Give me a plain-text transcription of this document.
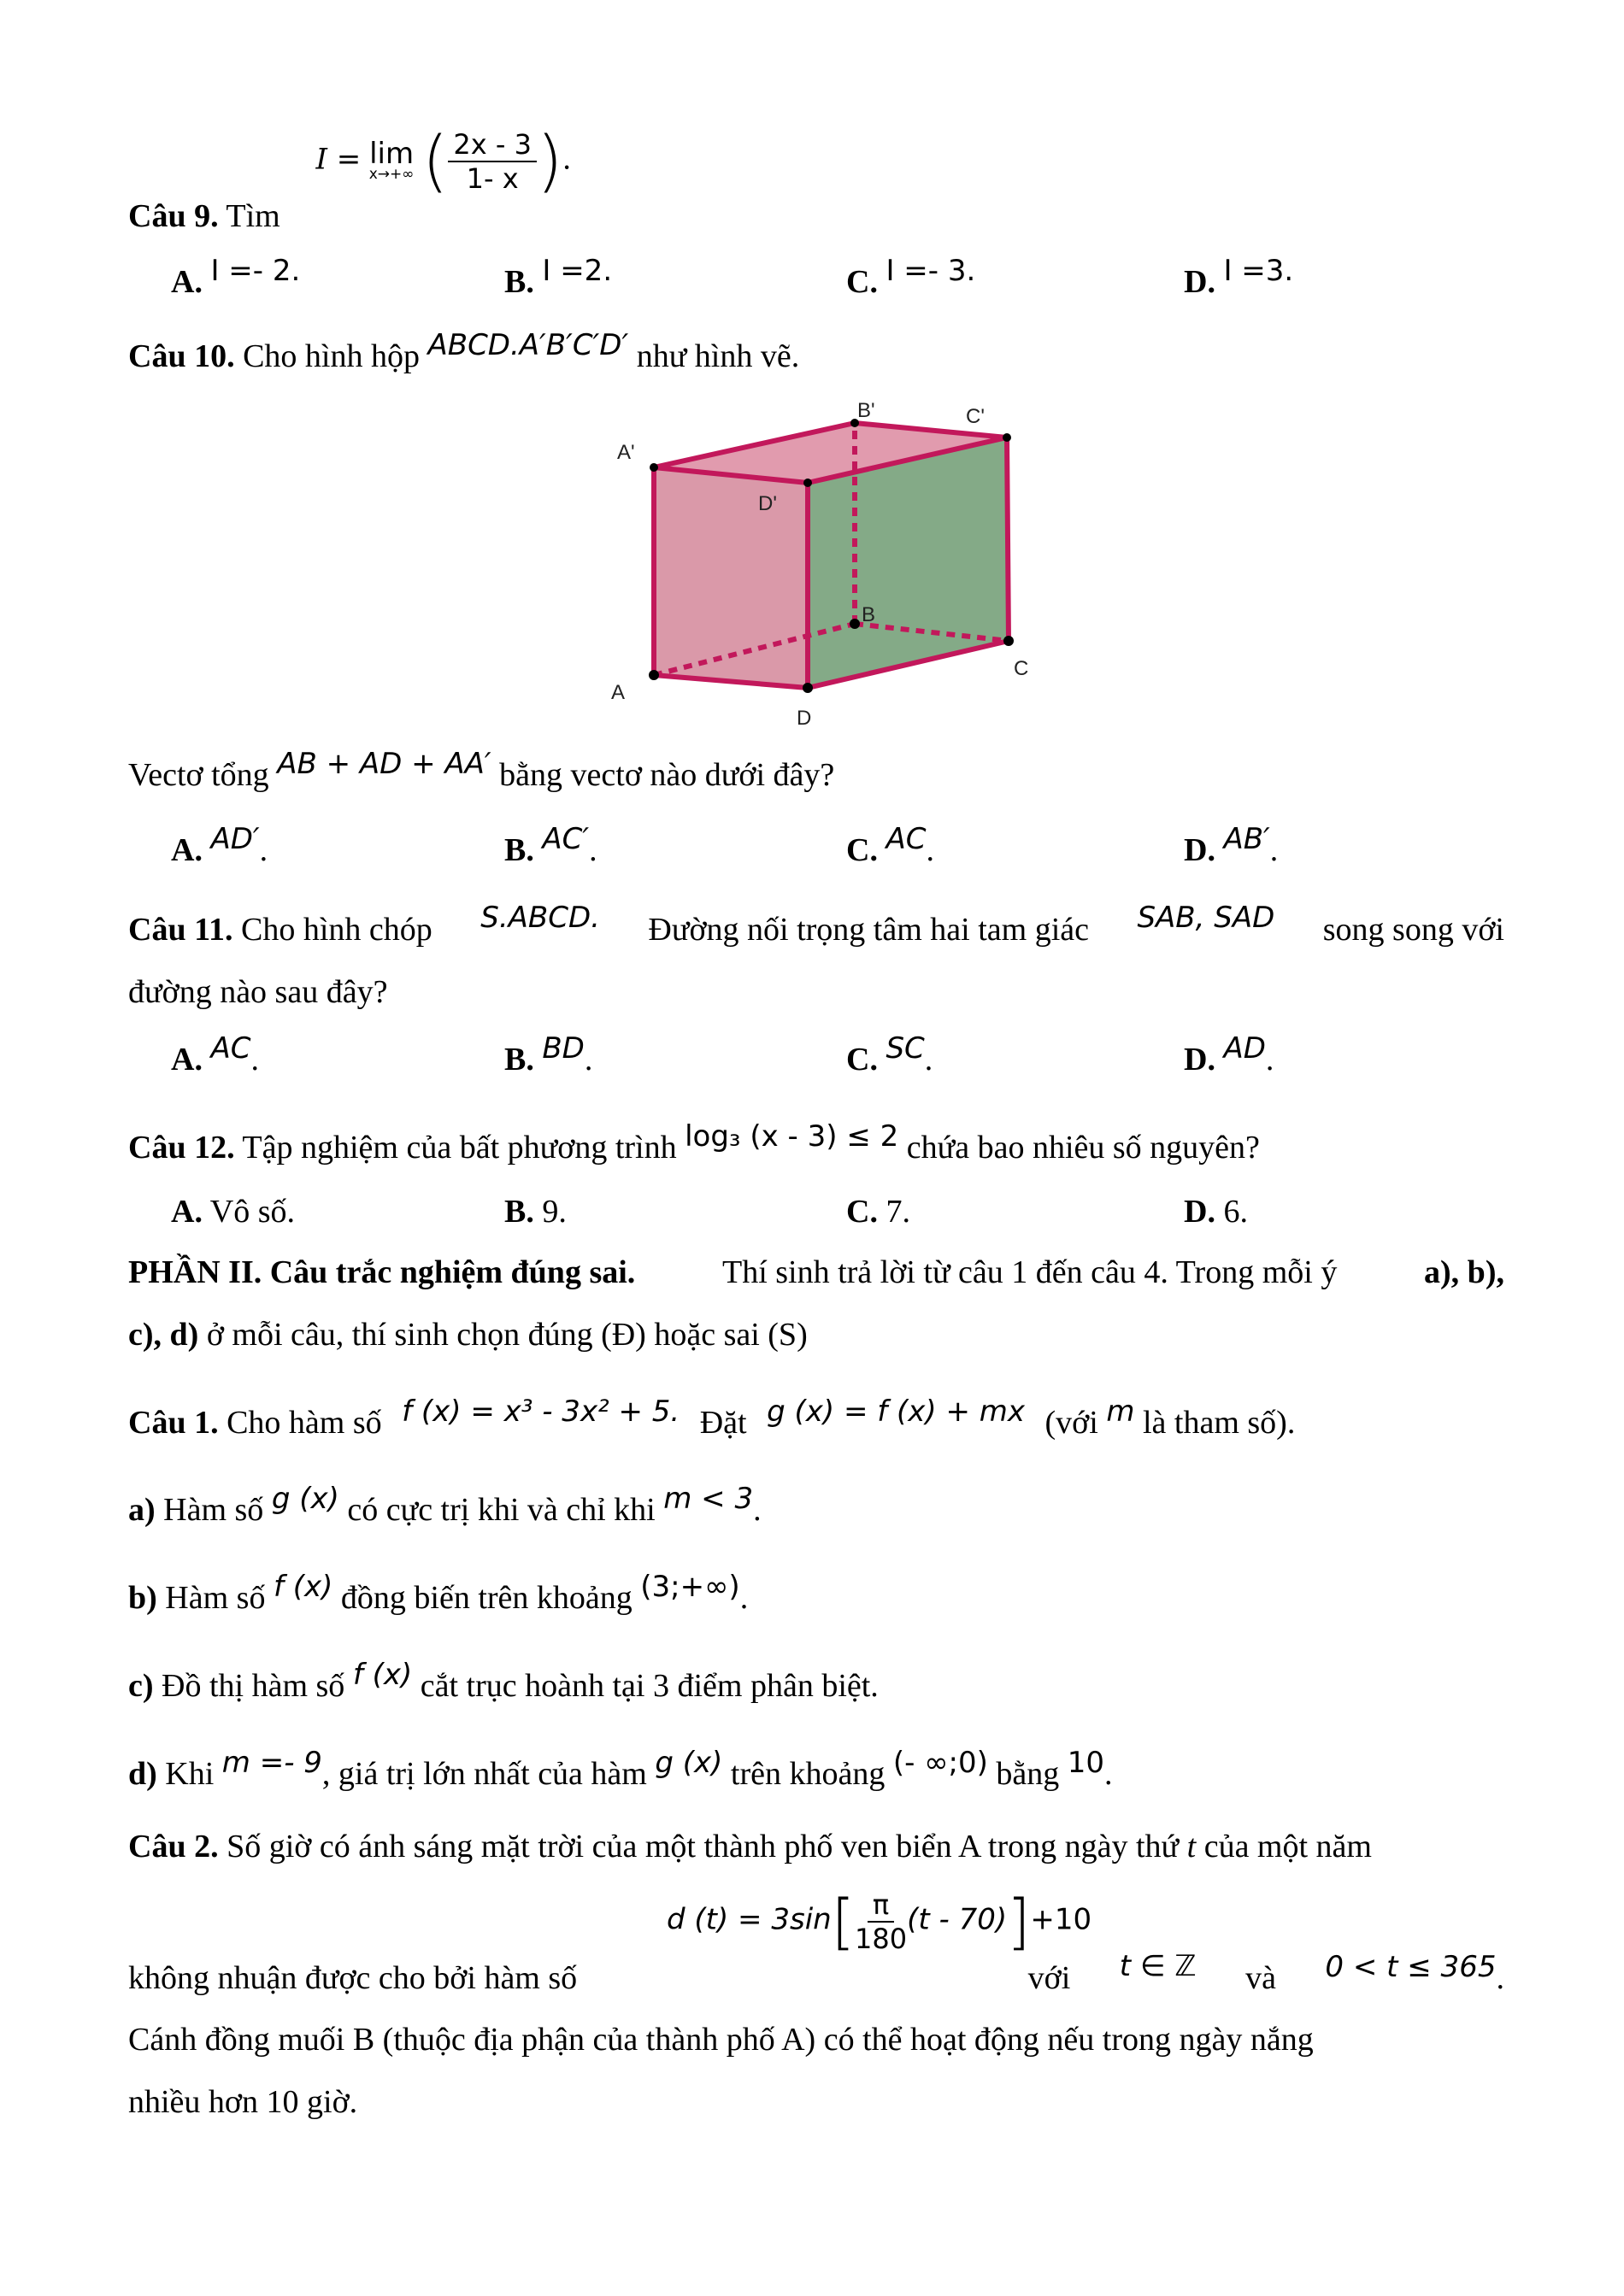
I = lim
x→+∞ ( $\frac{2x - 3}{1- x}$ ).
Câu 9. Tìm
A. I =- 2.	B. I =2.	C. I =- 3.	D. I =3.
Câu 10. Cho hình hộp ABCD.A′B′C′D′ như hình vẽ.
A
D
C
B
A'
D'
C'
B'
Vectơ tổng AB + AD + AA′ bằng vectơ nào dưới đây?
A. AD′.	B. AC′.	C. AC.	D. AB′.
Câu 11. Cho hình chóp S.ABCD. Đường nối trọng tâm hai tam giác SAB, SAD song song với
đường nào sau đây?
A. AC.	B. BD.	C. SC.	D. AD.
Câu 12. Tập nghiệm của bất phương trình log₃ (x - 3) ≤ 2 chứa bao nhiêu số nguyên?
A. Vô số.	B. 9.	C. 7.	D. 6.
PHẦN II. Câu trắc nghiệm đúng sai.	Thí sinh trả lời từ câu 1 đến câu 4. Trong mỗi ý	a), b),
c), d) ở mỗi câu, thí sinh chọn đúng (Đ) hoặc sai (S)
Câu 1. Cho hàm số f (x) = x³ - 3x² + 5. Đặt g (x) = f (x) + mx (với m là tham số).
a) Hàm số g (x) có cực trị khi và chỉ khi m < 3.
b) Hàm số f (x) đồng biến trên khoảng (3;+∞).
c) Đồ thị hàm số f (x) cắt trục hoành tại 3 điểm phân biệt.
d) Khi m =- 9, giá trị lớn nhất của hàm g (x) trên khoảng (- ∞;0) bằng 10.
Câu 2. Số giờ có ánh sáng mặt trời của một thành phố ven biển A trong ngày thứ t của một năm
d $(t) = 3\sin[ \frac{\pi}{180} (t - 70)]+10$
không nhuận được cho bởi hàm số	với t ∈ ℤ và 0 < t ≤ 365.
Cánh đồng muối B (thuộc địa phận của thành phố A) có thể hoạt động nếu trong ngày nắng
nhiều hơn 10 giờ.
